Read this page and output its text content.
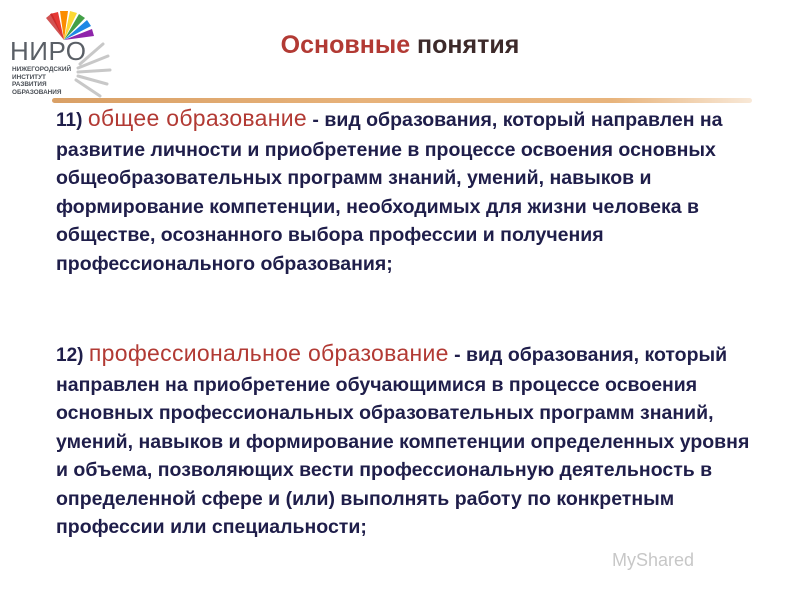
НИРО
НИЖЕГОРОДСКИЙ
ИНСТИТУТ
РАЗВИТИЯ
ОБРАЗОВАНИЯ
Основные понятия
11) общее образование - вид образования, который направлен на развитие личности и приобретение в процессе освоения основных общеобразовательных программ знаний, умений, навыков и формирование компетенции, необходимых для жизни человека в обществе, осознанного выбора профессии и получения профессионального образования;
12) профессиональное образование - вид образования, который направлен на приобретение обучающимися в процессе освоения основных профессиональных образовательных программ знаний, умений, навыков и формирование компетенции определенных уровня и объема, позволяющих вести профессиональную деятельность в определенной сфере и (или) выполнять работу по конкретным профессии или специальности;
MyShared
